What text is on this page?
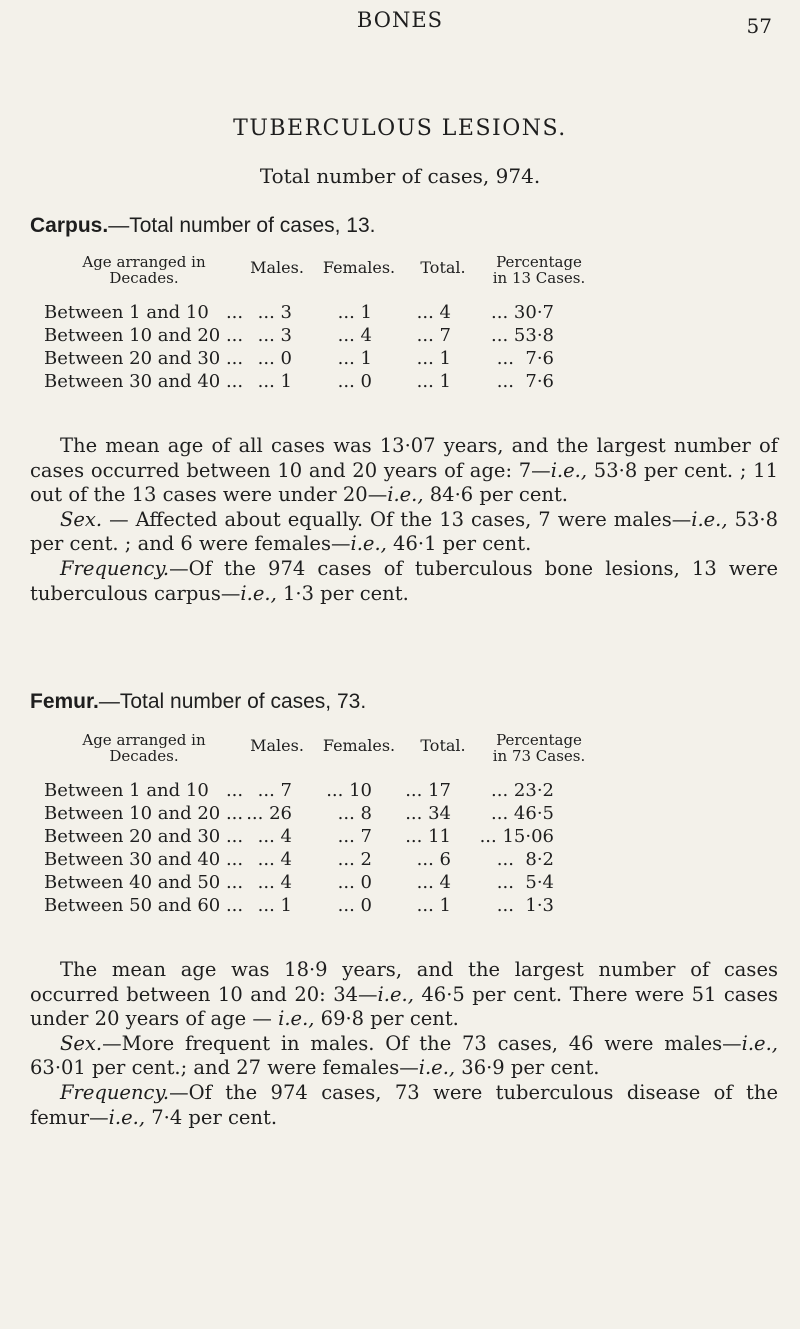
BONES	57
TUBERCULOUS LESIONS.
Total number of cases, 974.
Carpus.—Total number of cases, 13.
Age arranged in
Decades.
Males.	Females.	Total.	Percentage
in 13 Cases.
Between 1 and 10   ... ... 3	... 1	... 4	... 30·7
Between 10 and 20 ... ... 3	... 4	... 7	... 53·8
Between 20 and 30 ... ... 0	... 1	... 1	...  7·6
Between 30 and 40 ... ... 1	... 0	... 1	...  7·6

The mean age of all cases was 13·07 years, and the largest number of cases occurred between 10 and 20 years of age: 7—i.e., 53·8 per cent. ; 11 out of the 13 cases were under 20—i.e., 84·6 per cent.

Sex. — Affected about equally. Of the 13 cases, 7 were males—i.e., 53·8 per cent. ; and 6 were females—i.e., 46·1 per cent.

Frequency.—Of the 974 cases of tuberculous bone lesions, 13 were tuberculous carpus—i.e., 1·3 per cent.

Femur.—Total number of cases, 73.
Age arranged in
Decades.
Males.	Females.	Total.	Percentage
in 73 Cases.
Between 1 and 10   ... ... 7	... 10	... 17	... 23·2
Between 10 and 20 ... ... 26	... 8	... 34	... 46·5
Between 20 and 30 ... ... 4	... 7	... 11	... 15·06
Between 30 and 40 ... ... 4	... 2	... 6	...  8·2
Between 40 and 50 ... ... 4	... 0	... 4	...  5·4
Between 50 and 60 ... ... 1	... 0	... 1	...  1·3

The mean age was 18·9 years, and the largest number of cases occurred between 10 and 20: 34—i.e., 46·5 per cent. There were 51 cases under 20 years of age — i.e., 69·8 per cent.

Sex.—More frequent in males. Of the 73 cases, 46 were males—i.e., 63·01 per cent.; and 27 were females—i.e., 36·9 per cent.

Frequency.—Of the 974 cases, 73 were tuberculous disease of the femur—i.e., 7·4 per cent.
